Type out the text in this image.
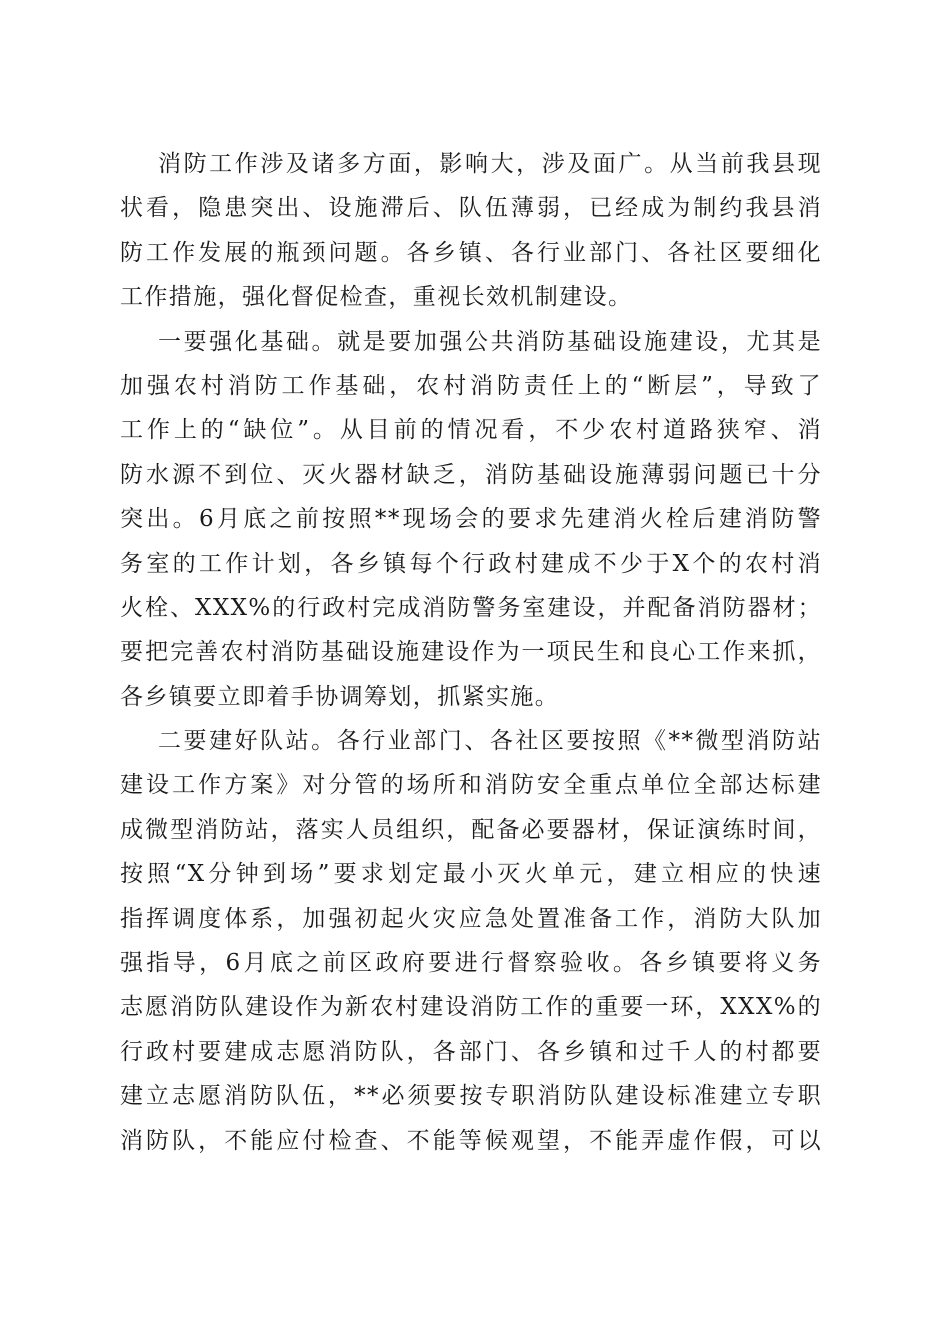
消防工作涉及诸多方面，影响大，涉及面广。从当前我县现
状看，隐患突出、设施滞后、队伍薄弱，已经成为制约我县消
防工作发展的瓶颈问题。各乡镇、各行业部门、各社区要细化
工作措施，强化督促检查，重视长效机制建设。
一要强化基础。就是要加强公共消防基础设施建设，尤其是
加强农村消防工作基础，农村消防责任上的“断层”，导致了
工作上的“缺位”。从目前的情况看，不少农村道路狭窄、消
防水源不到位、灭火器材缺乏，消防基础设施薄弱问题已十分
突出。6月底之前按照**现场会的要求先建消火栓后建消防警
务室的工作计划，各乡镇每个行政村建成不少于X个的农村消
火栓、XXX%的行政村完成消防警务室建设，并配备消防器材；
要把完善农村消防基础设施建设作为一项民生和良心工作来抓，
各乡镇要立即着手协调筹划，抓紧实施。
二要建好队站。各行业部门、各社区要按照《**微型消防站
建设工作方案》对分管的场所和消防安全重点单位全部达标建
成微型消防站，落实人员组织，配备必要器材，保证演练时间，
按照“X分钟到场”要求划定最小灭火单元，建立相应的快速
指挥调度体系，加强初起火灾应急处置准备工作，消防大队加
强指导，6月底之前区政府要进行督察验收。各乡镇要将义务
志愿消防队建设作为新农村建设消防工作的重要一环，XXX%的
行政村要建成志愿消防队，各部门、各乡镇和过千人的村都要
建立志愿消防队伍，**必须要按专职消防队建设标准建立专职
消防队，不能应付检查、不能等候观望，不能弄虚作假，可以
